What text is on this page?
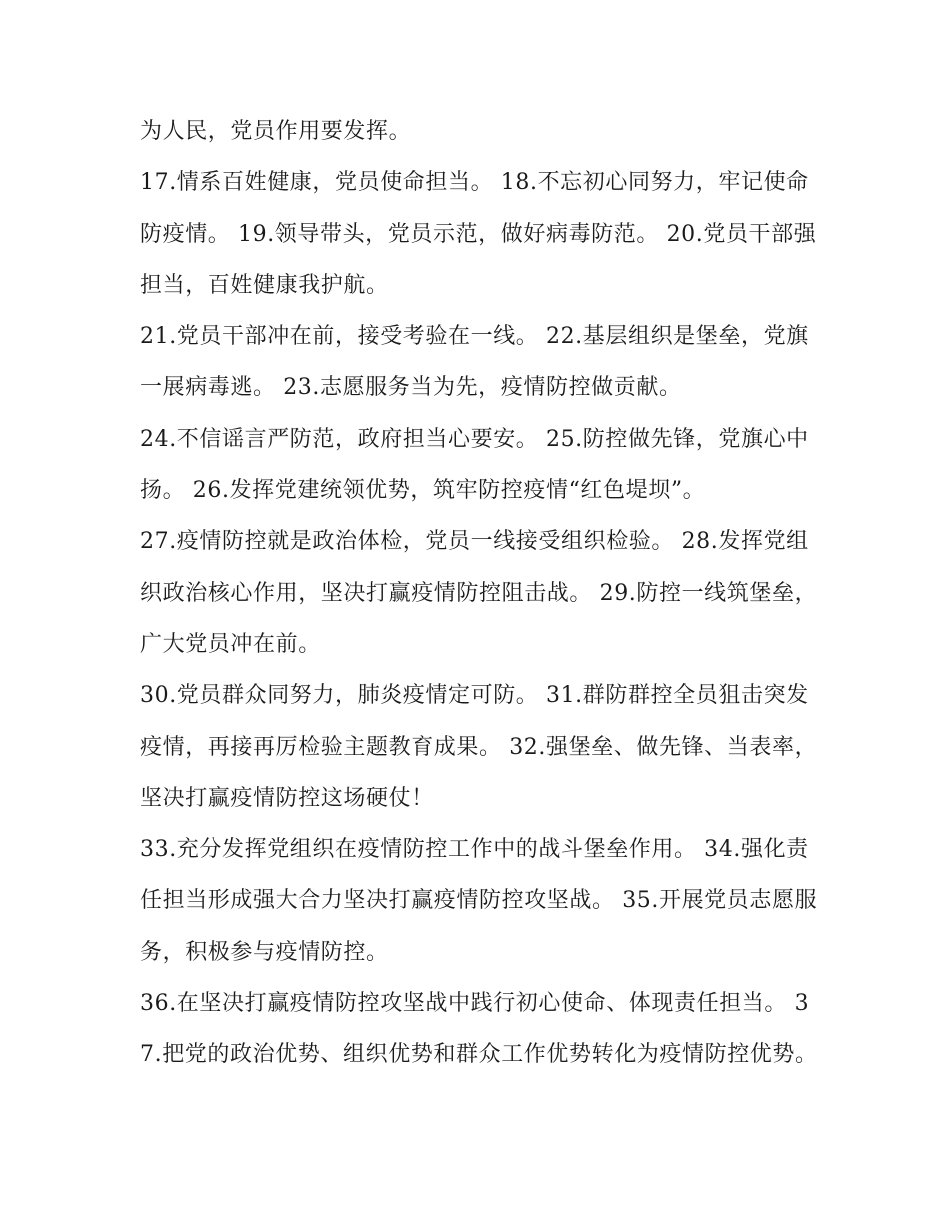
为人民，党员作用要发挥。

17.情系百姓健康，党员使命担当。 18.不忘初心同努力，牢记使命防疫情。 19.领导带头，党员示范，做好病毒防范。 20.党员干部强担当，百姓健康我护航。

21.党员干部冲在前，接受考验在一线。 22.基层组织是堡垒，党旗一展病毒逃。 23.志愿服务当为先，疫情防控做贡献。

24.不信谣言严防范，政府担当心要安。 25.防控做先锋，党旗心中扬。 26.发挥党建统领优势，筑牢防控疫情“红色堤坝”。

27.疫情防控就是政治体检，党员一线接受组织检验。 28.发挥党组织政治核心作用，坚决打赢疫情防控阻击战。 29.防控一线筑堡垒，广大党员冲在前。

30.党员群众同努力，肺炎疫情定可防。 31.群防群控全员狙击突发疫情，再接再厉检验主题教育成果。 32.强堡垒、做先锋、当表率，坚决打赢疫情防控这场硬仗！

33.充分发挥党组织在疫情防控工作中的战斗堡垒作用。 34.强化责任担当形成强大合力坚决打赢疫情防控攻坚战。 35.开展党员志愿服务，积极参与疫情防控。

36.在坚决打赢疫情防控攻坚战中践行初心使命、体现责任担当。 37.把党的政治优势、组织优势和群众工作优势转化为疫情防控优势。
